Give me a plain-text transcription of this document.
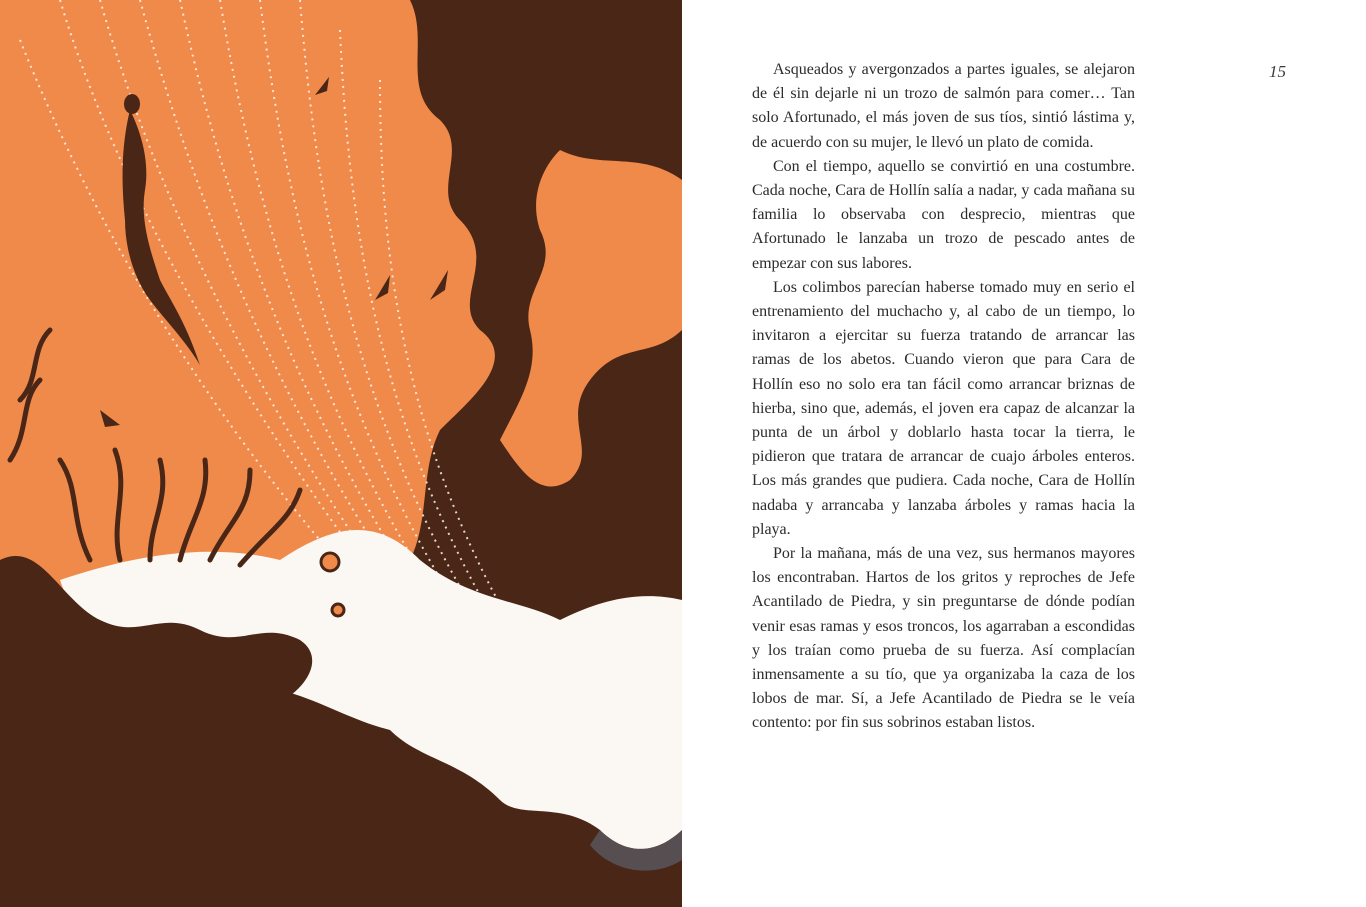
15

Asqueados y avergonzados a partes iguales, se alejaron de él sin dejarle ni un trozo de salmón para comer… Tan solo Afortunado, el más joven de sus tíos, sintió lástima y, de acuerdo con su mujer, le llevó un plato de comida.

Con el tiempo, aquello se convirtió en una costumbre. Cada noche, Cara de Hollín salía a nadar, y cada mañana su familia lo observaba con desprecio, mientras que Afortunado le lanzaba un trozo de pescado antes de empezar con sus labores.

Los colimbos parecían haberse tomado muy en serio el entrenamiento del muchacho y, al cabo de un tiempo, lo invitaron a ejercitar su fuerza tratando de arrancar las ramas de los abetos. Cuando vieron que para Cara de Hollín eso no solo era tan fácil como arrancar briznas de hierba, sino que, además, el joven era capaz de alcanzar la punta de un árbol y doblarlo hasta tocar la tierra, le pidieron que tratara de arrancar de cuajo árboles enteros. Los más grandes que pudiera. Cada noche, Cara de Hollín nadaba y arrancaba y lanzaba árboles y ramas hacia la playa.

Por la mañana, más de una vez, sus hermanos mayores los encontraban. Hartos de los gritos y reproches de Jefe Acantilado de Piedra, y sin preguntarse de dónde podían venir esas ramas y esos troncos, los agarraban a escondidas y los traían como prueba de su fuerza. Así complacían inmensamente a su tío, que ya organizaba la caza de los lobos de mar. Sí, a Jefe Acantilado de Piedra se le veía contento: por fin sus sobrinos estaban listos.
